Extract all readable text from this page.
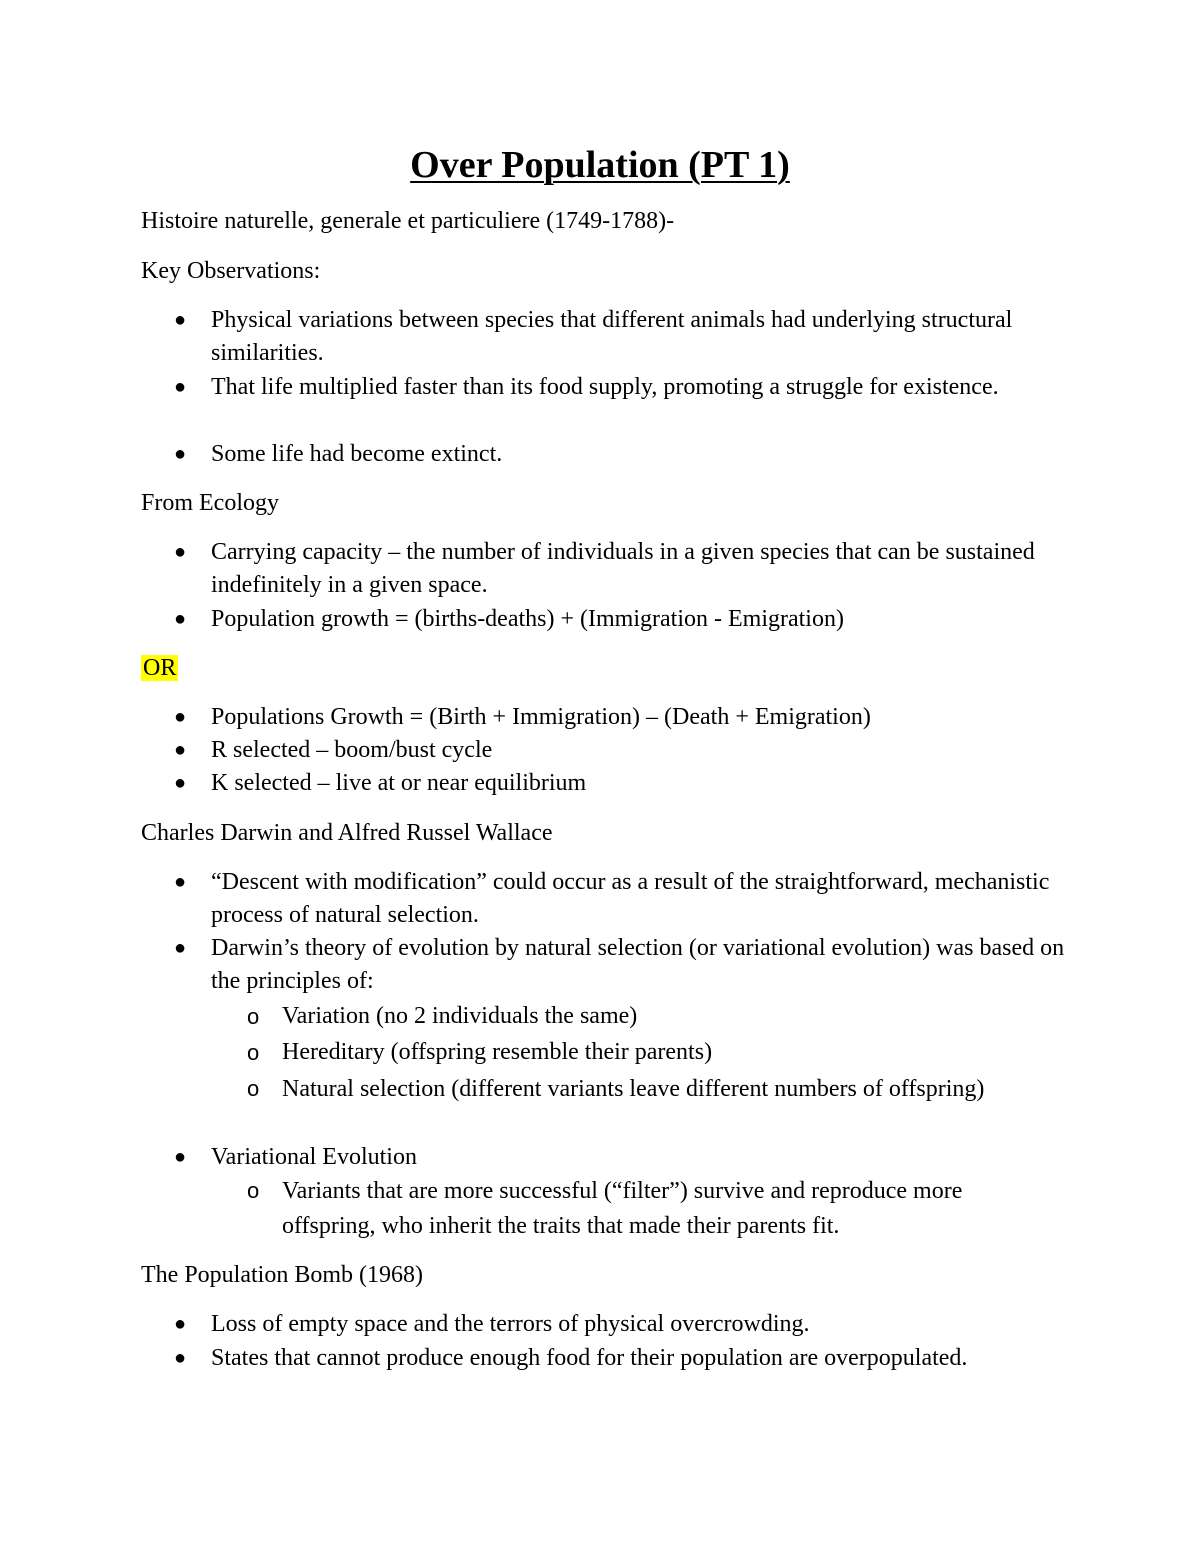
Over Population (PT 1)
Histoire naturelle, generale et particuliere (1749-1788)-
Key Observations:
● Physical variations between species that different animals had underlying structural similarities.
● That life multiplied faster than its food supply, promoting a struggle for existence.
● Some life had become extinct.
From Ecology
● Carrying capacity – the number of individuals in a given species that can be sustained indefinitely in a given space.
● Population growth = (births-deaths) + (Immigration - Emigration)
OR
● Populations Growth = (Birth + Immigration) – (Death + Emigration)
● R selected – boom/bust cycle
● K selected – live at or near equilibrium
Charles Darwin and Alfred Russel Wallace
● “Descent with modification” could occur as a result of the straightforward, mechanistic process of natural selection.
● Darwin’s theory of evolution by natural selection (or variational evolution) was based on the principles of:
o Variation (no 2 individuals the same)
o Hereditary (offspring resemble their parents)
o Natural selection (different variants leave different numbers of offspring)
● Variational Evolution
o Variants that are more successful (“filter”) survive and reproduce more offspring, who inherit the traits that made their parents fit.
The Population Bomb (1968)
● Loss of empty space and the terrors of physical overcrowding.
● States that cannot produce enough food for their population are overpopulated.
